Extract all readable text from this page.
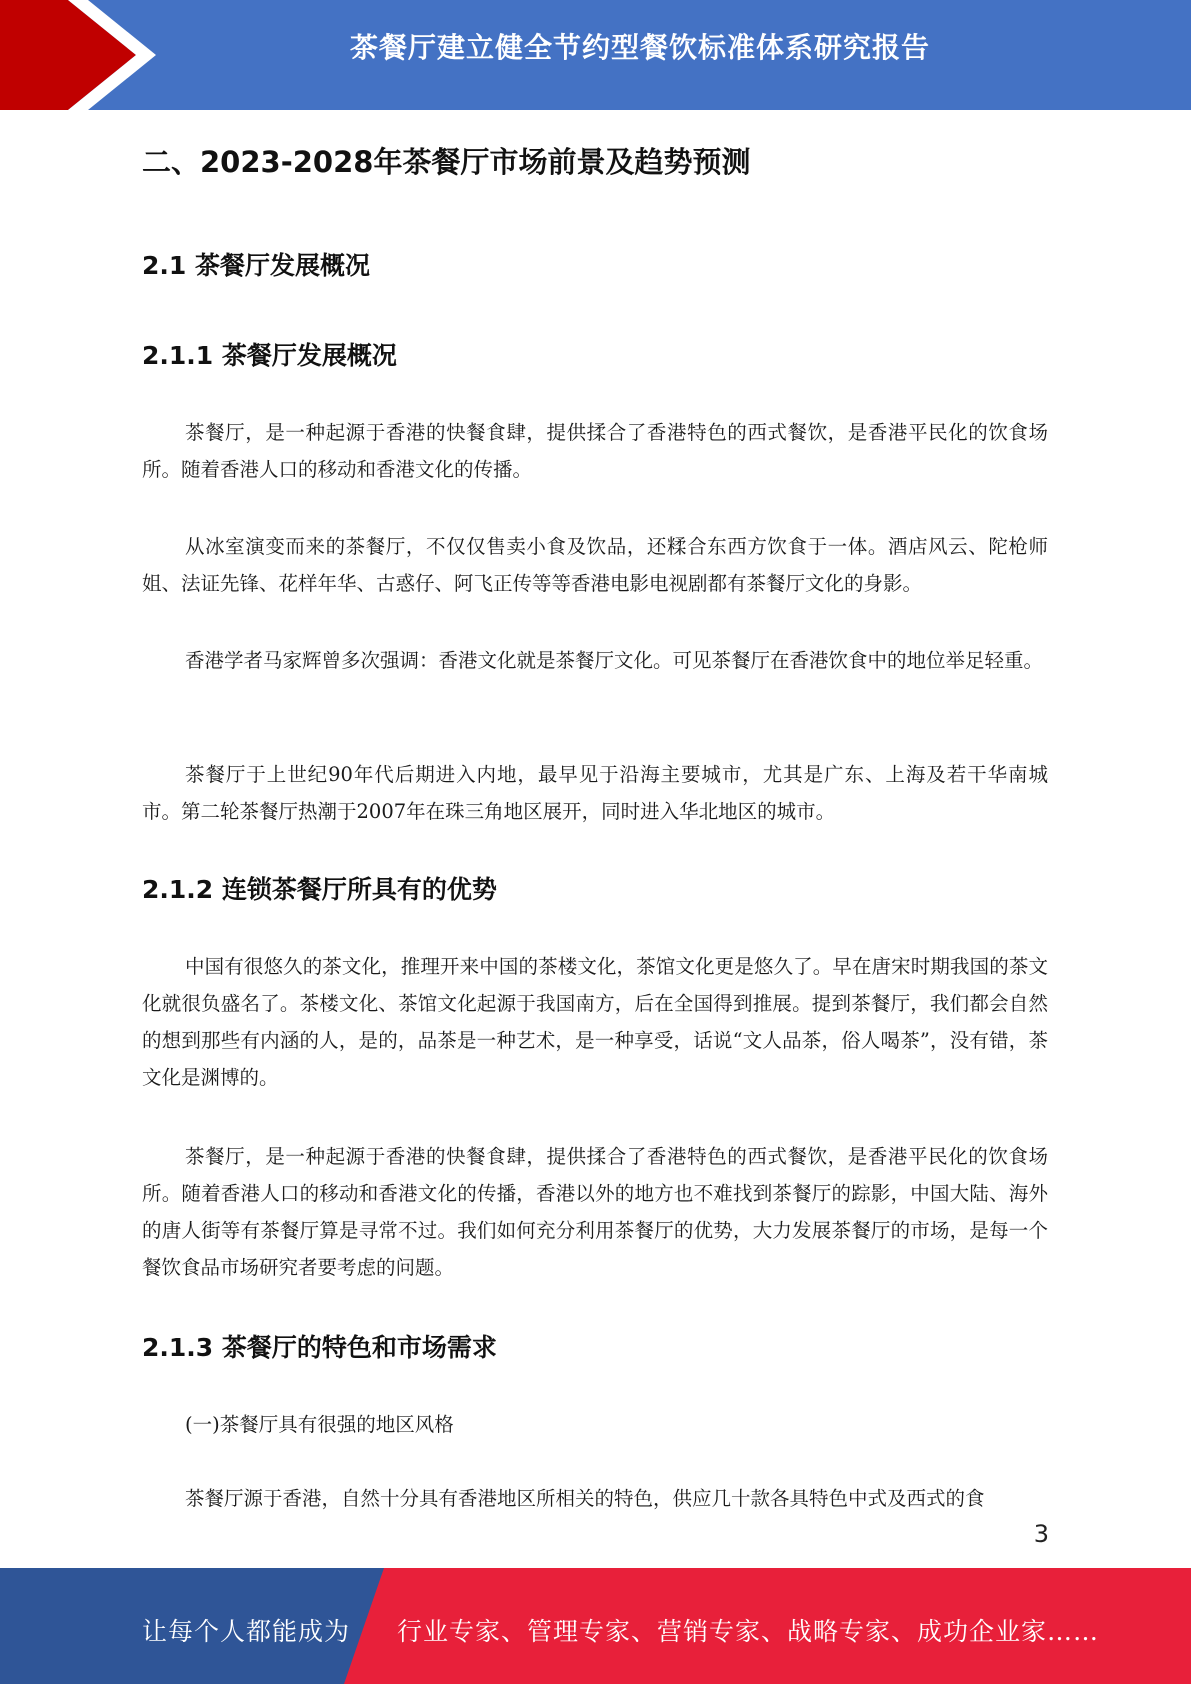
茶餐厅建立健全节约型餐饮标准体系研究报告
二、2023-2028年茶餐厅市场前景及趋势预测
2.1 茶餐厅发展概况
2.1.1 茶餐厅发展概况

茶餐厅，是一种起源于香港的快餐食肆，提供揉合了香港特色的西式餐饮，是香港平民化的饮食场所。随着香港人口的移动和香港文化的传播。

从冰室演变而来的茶餐厅，不仅仅售卖小食及饮品，还糅合东西方饮食于一体。酒店风云、陀枪师姐、法证先锋、花样年华、古惑仔、阿飞正传等等香港电影电视剧都有茶餐厅文化的身影。

香港学者马家辉曾多次强调：香港文化就是茶餐厅文化。可见茶餐厅在香港饮食中的地位举足轻重。

茶餐厅于上世纪90年代后期进入内地，最早见于沿海主要城市，尤其是广东、上海及若干华南城市。第二轮茶餐厅热潮于2007年在珠三角地区展开，同时进入华北地区的城市。

2.1.2 连锁茶餐厅所具有的优势

中国有很悠久的茶文化，推理开来中国的茶楼文化，茶馆文化更是悠久了。早在唐宋时期我国的茶文化就很负盛名了。茶楼文化、茶馆文化起源于我国南方，后在全国得到推展。提到茶餐厅，我们都会自然的想到那些有内涵的人，是的，品茶是一种艺术，是一种享受，话说“文人品茶，俗人喝茶”，没有错，茶文化是渊博的。

茶餐厅，是一种起源于香港的快餐食肆，提供揉合了香港特色的西式餐饮，是香港平民化的饮食场所。随着香港人口的移动和香港文化的传播，香港以外的地方也不难找到茶餐厅的踪影，中国大陆、海外的唐人街等有茶餐厅算是寻常不过。我们如何充分利用茶餐厅的优势，大力发展茶餐厅的市场，是每一个餐饮食品市场研究者要考虑的问题。

2.1.3 茶餐厅的特色和市场需求

(一)茶餐厅具有很强的地区风格

茶餐厅源于香港，自然十分具有香港地区所相关的特色，供应几十款各具特色中式及西式的食

3
让每个人都能成为 行业专家、管理专家、营销专家、战略专家、成功企业家……
